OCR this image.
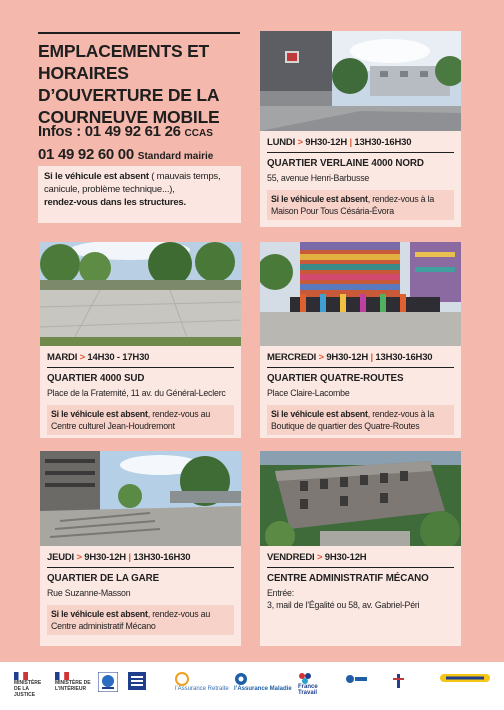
EMPLACEMENTS ET HORAIRES D’OUVERTURE DE LA COURNEUVE MOBILE
Infos : 01 49 92 61 26 CCAS
01 49 92 60 00 Standard mairie
Si le véhicule est absent ( mauvais temps, canicule, problème technique...),
rendez-vous dans les structures.
LUNDI > 9H30-12H | 13H30-16H30
QUARTIER VERLAINE 4000 NORD
55, avenue Henri-Barbusse
Si le véhicule est absent, rendez-vous à la Maison Pour Tous Césária-Évora
MARDI > 14H30 - 17H30
QUARTIER 4000 SUD
Place de la Fraternité, 11 av. du Général-Leclerc
Si le véhicule est absent, rendez-vous au Centre culturel Jean-Houdremont
MERCREDI > 9H30-12H | 13H30-16H30
QUARTIER QUATRE-ROUTES
Place Claire-Lacombe
Si le véhicule est absent, rendez-vous à la Boutique de quartier des Quatre-Routes
JEUDI > 9H30-12H | 13H30-16H30
QUARTIER DE LA GARE
Rue Suzanne-Masson
Si le véhicule est absent, rendez-vous au Centre administratif Mécano
VENDREDI > 9H30-12H
CENTRE ADMINISTRATIF MÉCANO
Entrée:
3, mail de l’Égalité ou 58, av. Gabriel-Péri
MINISTÈRE DE LA JUSTICE
MINISTÈRE DE L’INTÉRIEUR	l’Assurance Retraite l’Assurance Maladie	France Travail
